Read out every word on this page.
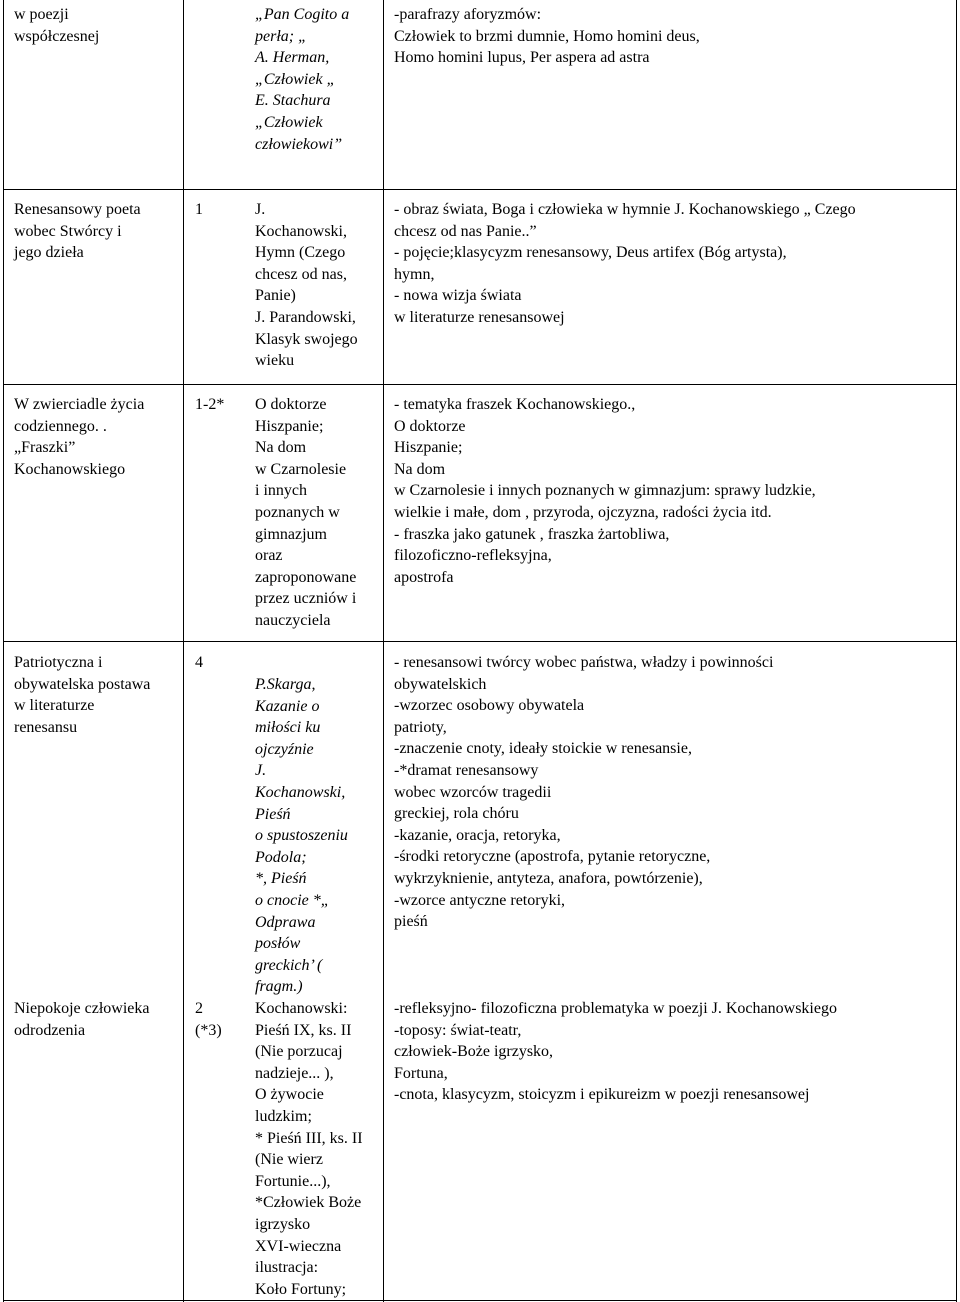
w poezji
współczesnej
„Pan Cogito a
perła; „
A. Herman,
„Człowiek „
E. Stachura
„Człowiek
człowiekowi”
-parafrazy aforyzmów:
Człowiek to brzmi dumnie, Homo homini deus,
Homo homini lupus, Per aspera ad astra
Renesansowy poeta
wobec Stwórcy i
jego dzieła
1	J.
Kochanowski,
Hymn (Czego
chcesz od nas,
Panie)
J. Parandowski,
Klasyk swojego
wieku
- obraz świata, Boga i człowieka w hymnie J. Kochanowskiego „ Czego
chcesz od nas Panie..”
- pojęcie;klasycyzm renesansowy, Deus artifex (Bóg artysta),
hymn,
- nowa wizja świata
w literaturze renesansowej
W zwierciadle życia
codziennego. .
„Fraszki”
Kochanowskiego
1-2*	O doktorze
Hiszpanie;
Na dom
w Czarnolesie
i innych
poznanych w
gimnazjum
oraz
zaproponowane
przez uczniów i
nauczyciela
- tematyka fraszek Kochanowskiego.,
O doktorze
Hiszpanie;
Na dom
w Czarnolesie i innych poznanych w gimnazjum: sprawy ludzkie,
wielkie i małe, dom , przyroda, ojczyzna, radości życia itd.
- fraszka jako gatunek , fraszka żartobliwa,
filozoficzno-refleksyjna,
apostrofa
Patriotyczna i
obywatelska postawa
w literaturze
renesansu
4
P.Skarga,
Kazanie o
miłości ku
ojczyźnie
J.
Kochanowski,
Pieśń
o spustoszeniu
Podola;
*, Pieśń
o cnocie *„
Odprawa
posłów
greckich’ (
fragm.)
- renesansowi twórcy wobec państwa, władzy i powinności
obywatelskich
-wzorzec osobowy obywatela
patrioty,
-znaczenie cnoty, ideały stoickie w renesansie,
-*dramat renesansowy
wobec wzorców tragedii
greckiej, rola chóru
-kazanie, oracja, retoryka,
-środki retoryczne (apostrofa, pytanie retoryczne,
wykrzyknienie, antyteza, anafora, powtórzenie),
-wzorce antyczne retoryki,
pieśń
Niepokoje człowieka
odrodzenia
2
(*3)
Kochanowski:
Pieśń IX, ks. II
(Nie porzucaj
nadzieje... ),
O żywocie
ludzkim;
* Pieśń III, ks. II
(Nie wierz
Fortunie...),
*Człowiek Boże
igrzysko
XVI-wieczna
ilustracja:
Koło Fortuny;
-refleksyjno- filozoficzna problematyka w poezji J. Kochanowskiego
-toposy: świat-teatr,
człowiek-Boże igrzysko,
Fortuna,
-cnota, klasycyzm, stoicyzm i epikureizm w poezji renesansowej
